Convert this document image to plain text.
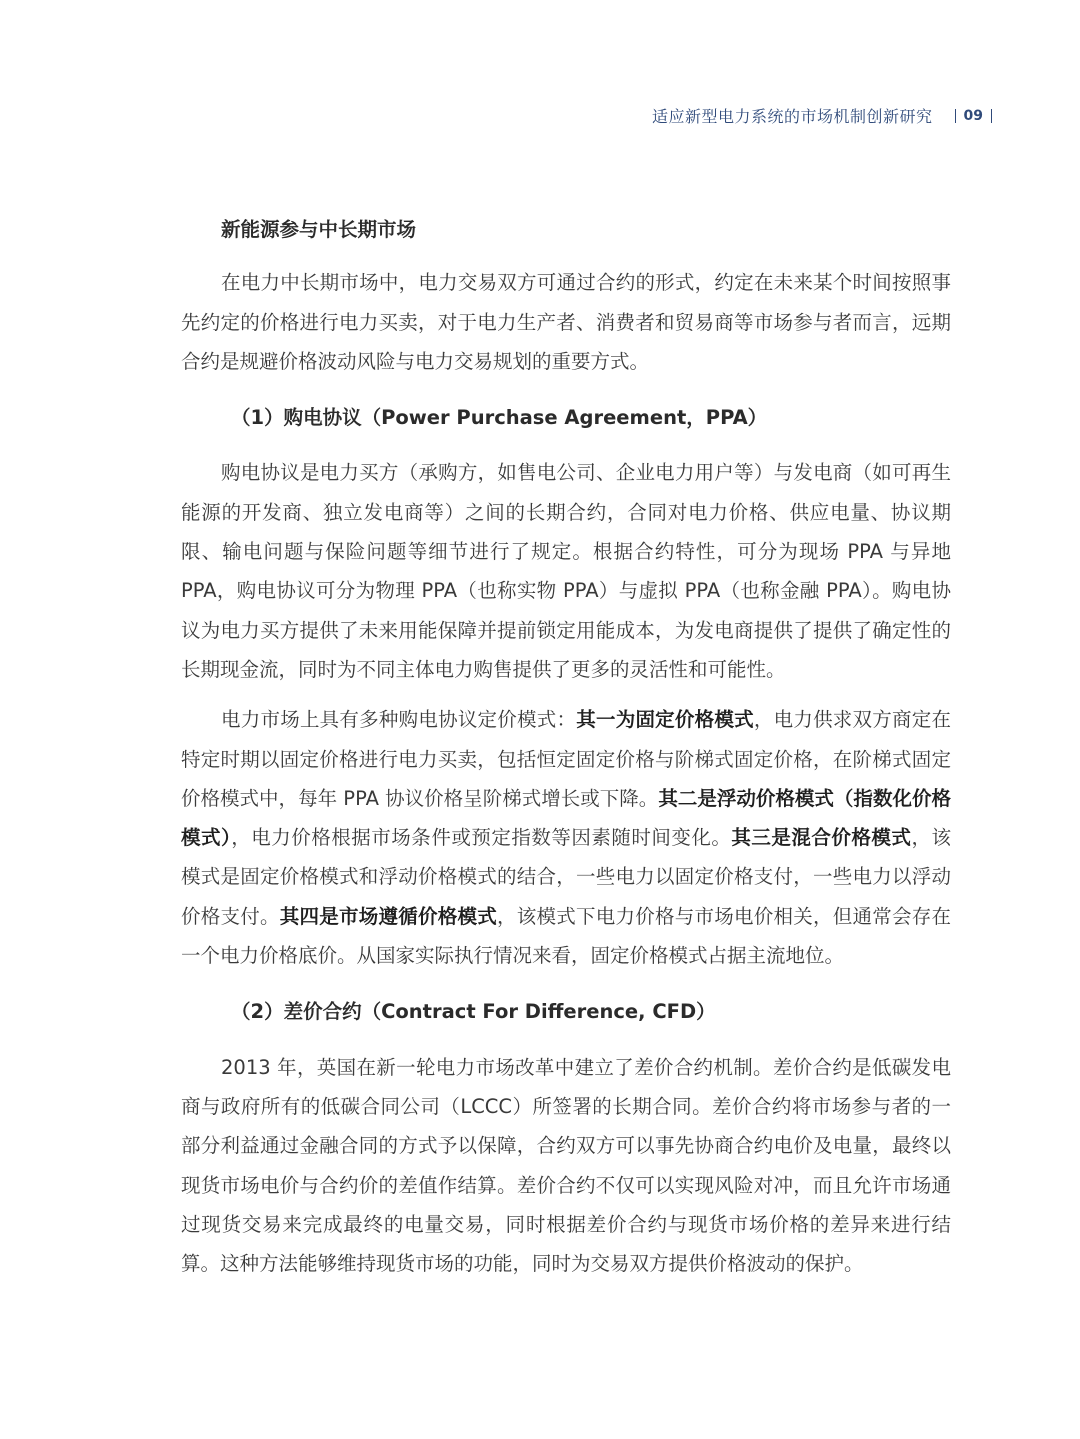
适应新型电力系统的市场机制创新研究 09
新能源参与中长期市场

在电力中长期市场中，电力交易双方可通过合约的形式，约定在未来某个时间按照事先约定的价格进行电力买卖，对于电力生产者、消费者和贸易商等市场参与者而言，远期合约是规避价格波动风险与电力交易规划的重要方式。

（1）购电协议（Power Purchase Agreement，PPA）

购电协议是电力买方（承购方，如售电公司、企业电力用户等）与发电商（如可再生能源的开发商、独立发电商等）之间的长期合约，合同对电力价格、供应电量、协议期限、输电问题与保险问题等细节进行了规定。根据合约特性，可分为现场 PPA 与异地 PPA，购电协议可分为物理 PPA（也称实物 PPA）与虚拟 PPA（也称金融 PPA）。购电协议为电力买方提供了未来用能保障并提前锁定用能成本，为发电商提供了提供了确定性的长期现金流，同时为不同主体电力购售提供了更多的灵活性和可能性。

电力市场上具有多种购电协议定价模式：其一为固定价格模式，电力供求双方商定在特定时期以固定价格进行电力买卖，包括恒定固定价格与阶梯式固定价格，在阶梯式固定价格模式中，每年 PPA 协议价格呈阶梯式增长或下降。其二是浮动价格模式（指数化价格模式），电力价格根据市场条件或预定指数等因素随时间变化。其三是混合价格模式，该模式是固定价格模式和浮动价格模式的结合，一些电力以固定价格支付，一些电力以浮动价格支付。其四是市场遵循价格模式，该模式下电力价格与市场电价相关，但通常会存在一个电力价格底价。从国家实际执行情况来看，固定价格模式占据主流地位。

（2）差价合约（Contract For Difference, CFD）

2013 年，英国在新一轮电力市场改革中建立了差价合约机制。差价合约是低碳发电商与政府所有的低碳合同公司（LCCC）所签署的长期合同。差价合约将市场参与者的一部分利益通过金融合同的方式予以保障，合约双方可以事先协商合约电价及电量，最终以现货市场电价与合约价的差值作结算。差价合约不仅可以实现风险对冲，而且允许市场通过现货交易来完成最终的电量交易，同时根据差价合约与现货市场价格的差异来进行结算。这种方法能够维持现货市场的功能，同时为交易双方提供价格波动的保护。
